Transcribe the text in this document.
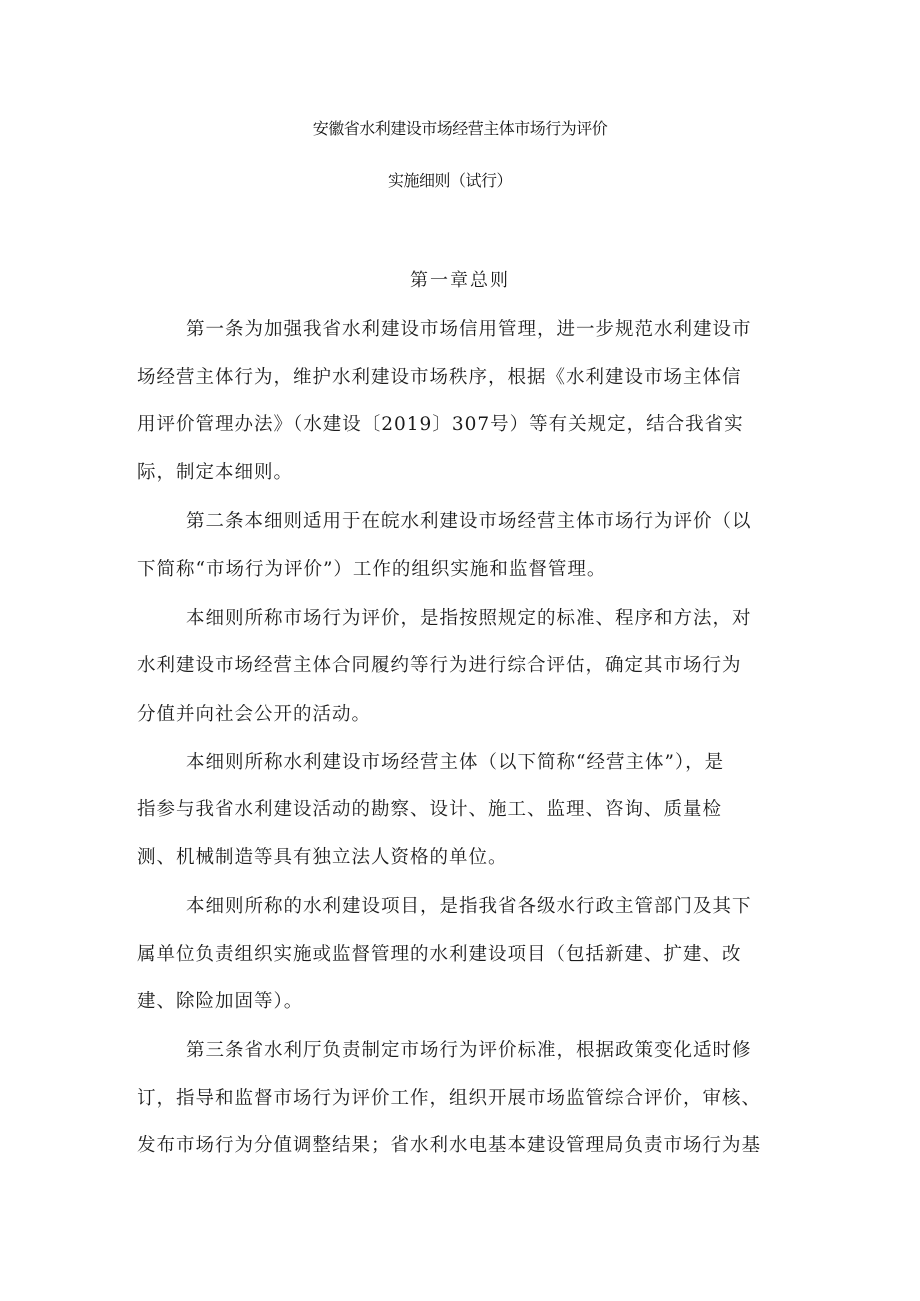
安徽省水利建设市场经营主体市场行为评价
实施细则（试行）
第一章总则
第一条为加强我省水利建设市场信用管理，进一步规范水利建设市
场经营主体行为，维护水利建设市场秩序，根据《水利建设市场主体信
用评价管理办法》（水建设〔2019〕307号）等有关规定，结合我省实
际，制定本细则。
第二条本细则适用于在皖水利建设市场经营主体市场行为评价（以
下简称“市场行为评价”）工作的组织实施和监督管理。
本细则所称市场行为评价，是指按照规定的标准、程序和方法，对
水利建设市场经营主体合同履约等行为进行综合评估，确定其市场行为
分值并向社会公开的活动。
本细则所称水利建设市场经营主体（以下简称“经营主体”），是
指参与我省水利建设活动的勘察、设计、施工、监理、咨询、质量检
测、机械制造等具有独立法人资格的单位。
本细则所称的水利建设项目，是指我省各级水行政主管部门及其下
属单位负责组织实施或监督管理的水利建设项目（包括新建、扩建、改
建、除险加固等）。
第三条省水利厅负责制定市场行为评价标准，根据政策变化适时修
订，指导和监督市场行为评价工作，组织开展市场监管综合评价，审核、
发布市场行为分值调整结果；省水利水电基本建设管理局负责市场行为基
